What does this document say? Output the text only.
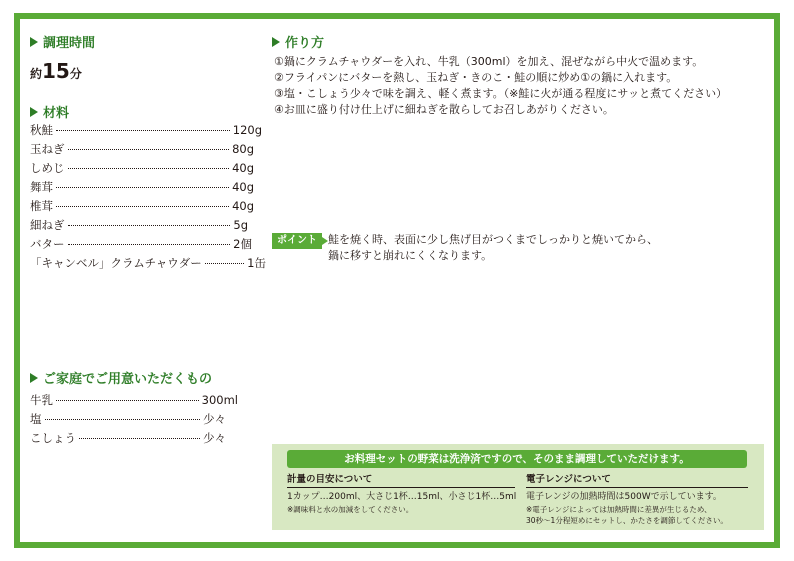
調理時間
約15分
材料
秋鮭	120g
玉ねぎ	80g
しめじ	40g
舞茸	40g
椎茸	40g
細ねぎ	5g
バター	2個
「キャンベル」クラムチャウダー	1缶
ご家庭でご用意いただくもの
牛乳	300ml
塩	少々
こしょう	少々
作り方
①鍋にクラムチャウダーを入れ、牛乳（300ml）を加え、混ぜながら中火で温めます。
②フライパンにバターを熱し、玉ねぎ・きのこ・鮭の順に炒め①の鍋に入れます。
③塩・こしょう少々で味を調え、軽く煮ます。（※鮭に火が通る程度にサッと煮てください）
④お皿に盛り付け仕上げに細ねぎを散らしてお召しあがりください。
ポイント	鮭を焼く時、表面に少し焦げ目がつくまでしっかりと焼いてから、
鍋に移すと崩れにくくなります。
お料理セットの野菜は洗浄済ですので、そのまま調理していただけます。
計量の目安について
1カップ…200ml、大さじ1杯…15ml、小さじ1杯…5ml
※調味料と水の加減をしてください。
電子レンジについて
電子レンジの加熱時間は500Wで示しています。
※電子レンジによっては加熱時間に差異が生じるため、
30秒～1分程短めにセットし、かたさを調節してください。
